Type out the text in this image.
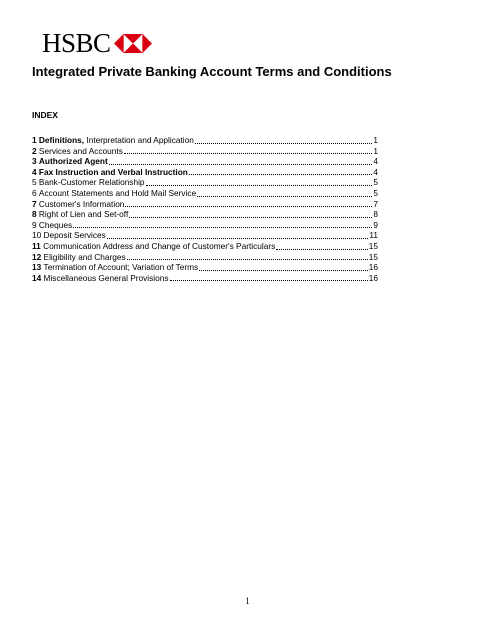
HSBC
Integrated Private Banking Account Terms and Conditions
INDEX
1 Definitions, Interpretation and Application	1
2 Services and Accounts	1
3 Authorized Agent	4
4 Fax Instruction and Verbal Instruction	4
5 Bank-Customer Relationship	5
6 Account Statements and Hold Mail Service	5
7 Customer's Information	7
8 Right of Lien and Set-off	8
9 Cheques	9
10 Deposit Services	11
11 Communication Address and Change of Customer's Particulars	15
12 Eligibility and Charges	15
13 Termination of Account; Variation of Terms	16
14 Miscellaneous General Provisions	16
1
